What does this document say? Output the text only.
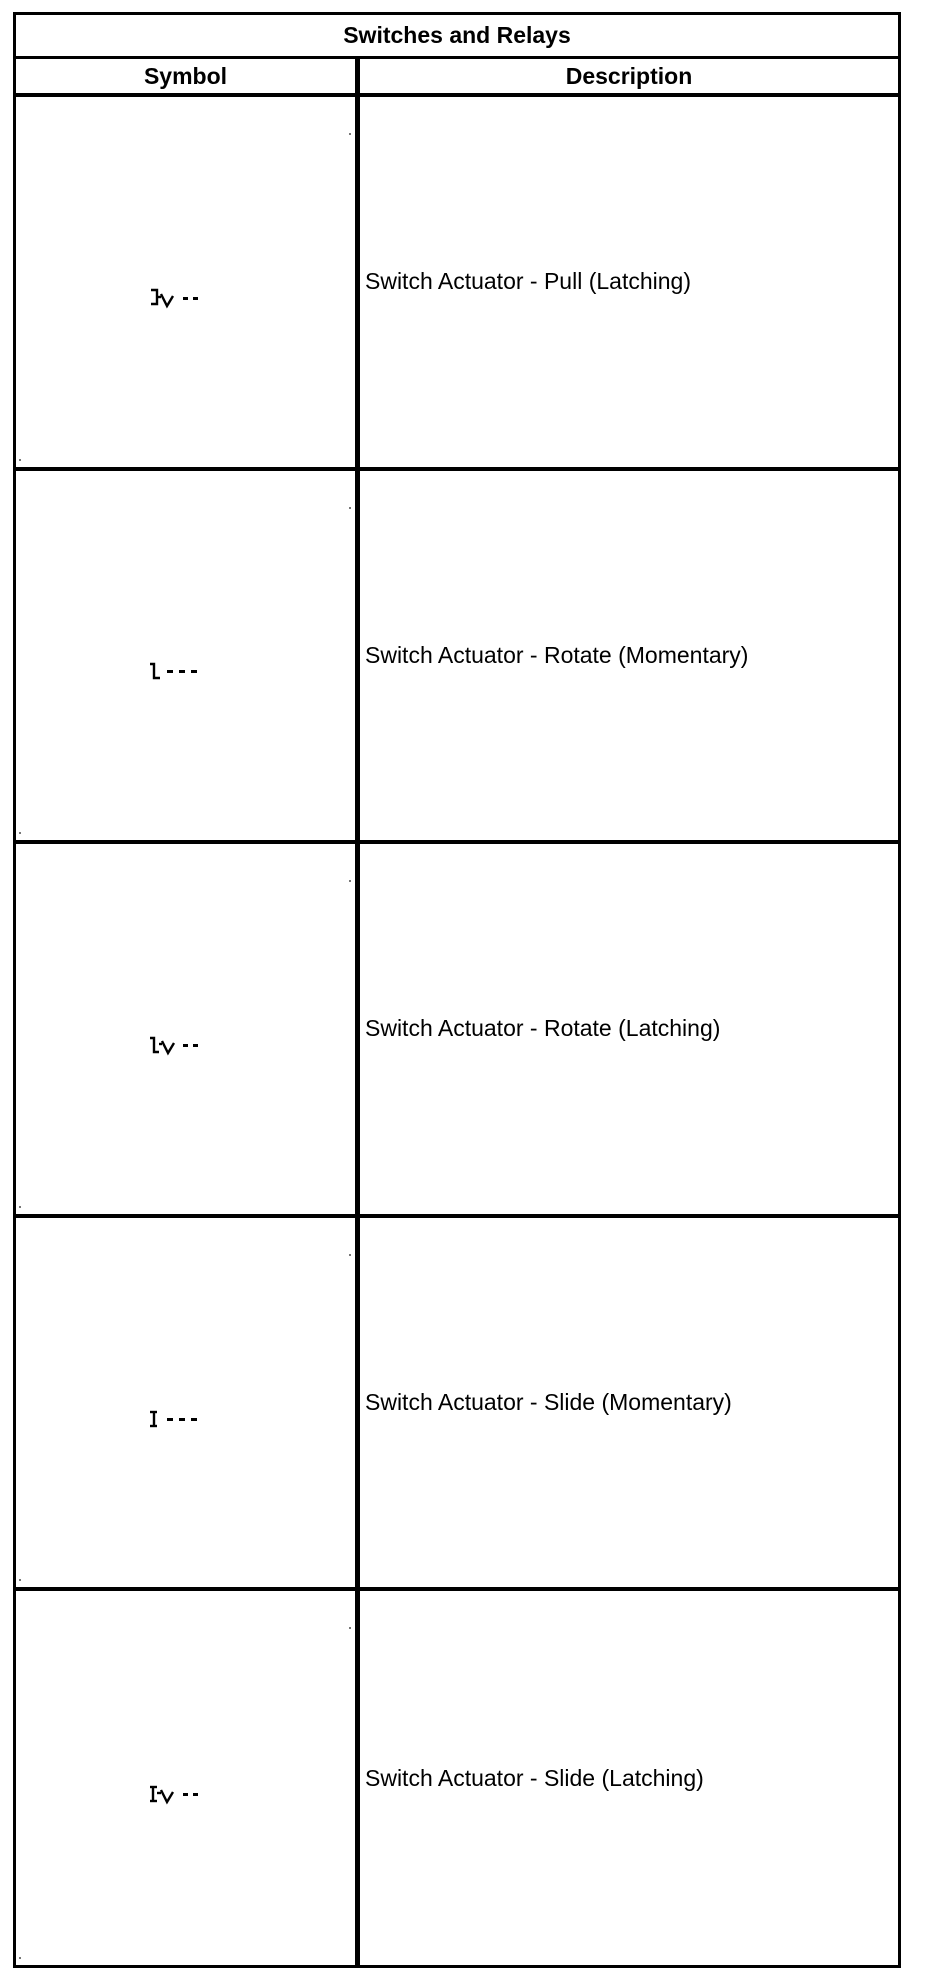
Switches and Relays
Symbol	Description
Switch Actuator - Pull (Latching)
Switch Actuator - Rotate (Momentary)
Switch Actuator - Rotate (Latching)
Switch Actuator - Slide (Momentary)
Switch Actuator - Slide (Latching)
